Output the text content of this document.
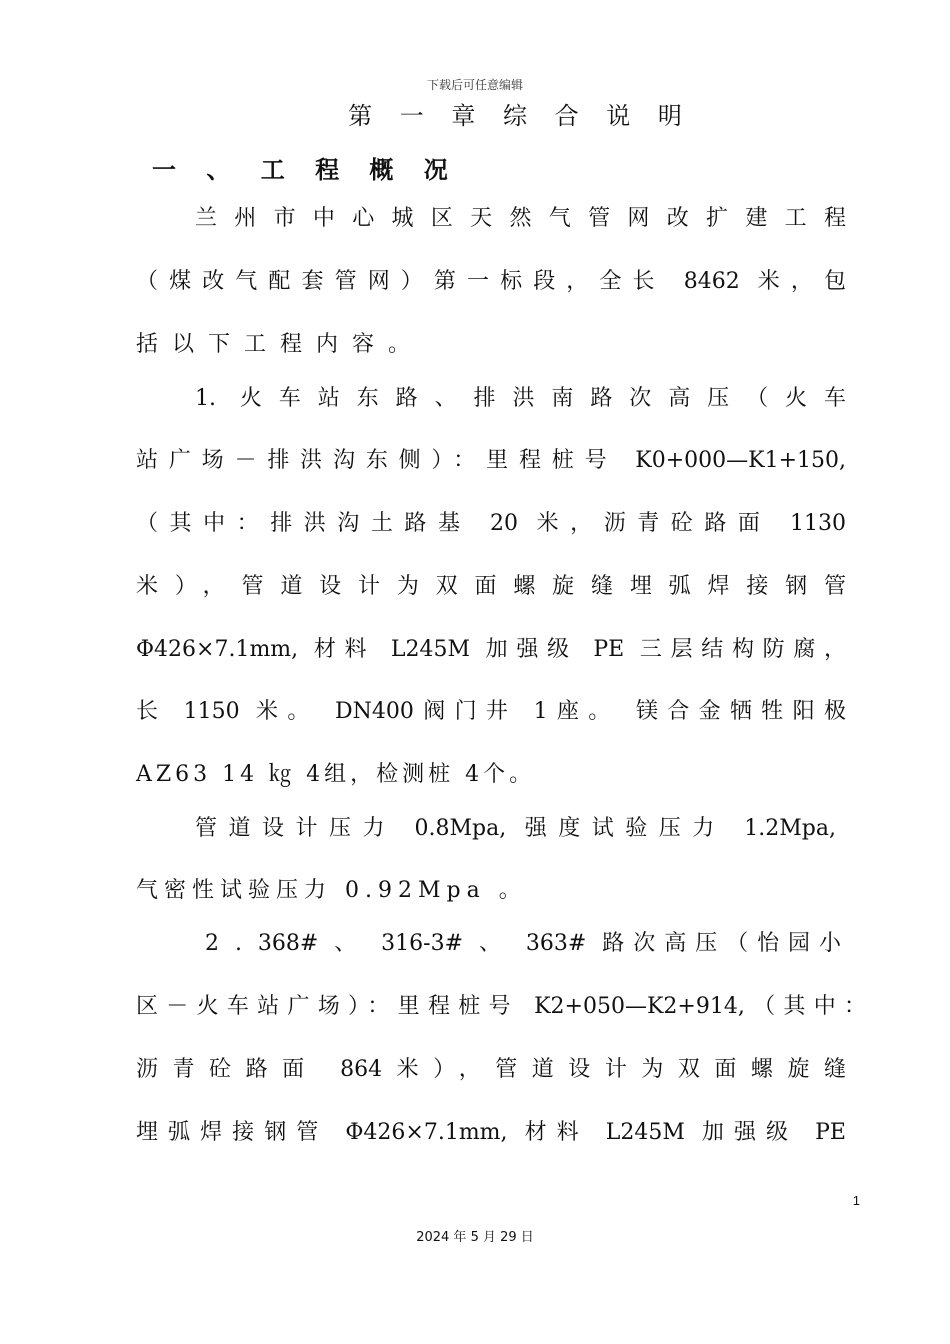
下载后可任意编辑
第 一 章 综 合 说 明
一 、 工 程 概 况
兰州市中心城区天然气管网改扩建工程
（煤改气配套管网）第一标段，全长 8462 米，包
括以下工程内容。
1. 火车站东路、排洪南路次高压（火车
站广场－排洪沟东侧）：里程桩号 K0+000—K1+150,
（其中：排洪沟土路基 20 米，沥青砼路面 1130
米），管道设计为双面螺旋缝埋弧焊接钢管
Φ426×7.1mm, 材料 L245M 加强级 PE 三层结构防腐，
长 1150 米。 DN400阀门井 1座。 镁合金牺牲阳极
AZ63 14 ㎏ 4组，检测桩 4个。
管道设计压力 0.8Mpa, 强度试验压力 1.2Mpa,
气密性试验压力 0.92Mpa 。
2 . 368# 、 316-3# 、 363# 路次高压（怡园小
区－火车站广场）：里程桩号 K2+050—K2+914,（其中：
沥青砼路面 864米），管道设计为双面螺旋缝
埋弧焊接钢管 Φ426×7.1mm, 材料 L245M 加强级 PE
1
2024 年 5 月 29 日
